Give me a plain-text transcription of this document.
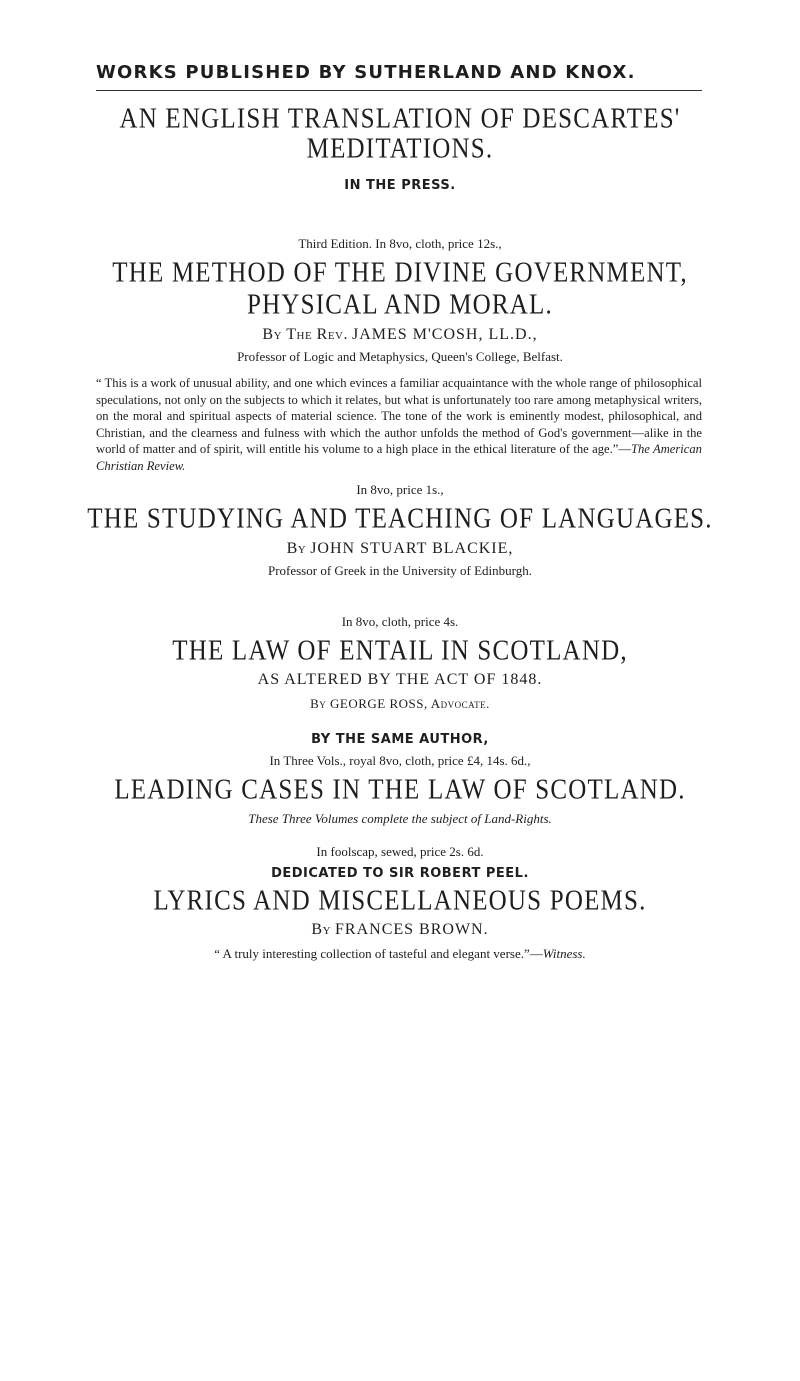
WORKS PUBLISHED BY SUTHERLAND AND KNOX.
AN ENGLISH TRANSLATION OF DESCARTES'
MEDITATIONS.
IN THE PRESS.
Third Edition. In 8vo, cloth, price 12s.,
THE METHOD OF THE DIVINE GOVERNMENT,
PHYSICAL AND MORAL.
By The Rev. JAMES M'COSH, LL.D.,
Professor of Logic and Metaphysics, Queen's College, Belfast.
“ This is a work of unusual ability, and one which evinces a familiar acquaintance with the whole range of philosophical speculations, not only on the subjects to which it relates, but what is unfortunately too rare among metaphysical writers, on the moral and spiritual aspects of material science. The tone of the work is eminently modest, philosophical, and Christian, and the clearness and fulness with which the author unfolds the method of God's government—alike in the world of matter and of spirit, will entitle his volume to a high place in the ethical literature of the age.”—The American Christian Review.
In 8vo, price 1s.,
THE STUDYING AND TEACHING OF LANGUAGES.
By JOHN STUART BLACKIE,
Professor of Greek in the University of Edinburgh.
In 8vo, cloth, price 4s.
THE LAW OF ENTAIL IN SCOTLAND,
AS ALTERED BY THE ACT OF 1848.
By GEORGE ROSS, Advocate.
BY THE SAME AUTHOR,
In Three Vols., royal 8vo, cloth, price £4, 14s. 6d.,
LEADING CASES IN THE LAW OF SCOTLAND.
These Three Volumes complete the subject of Land-Rights.
In foolscap, sewed, price 2s. 6d.
DEDICATED TO SIR ROBERT PEEL.
LYRICS AND MISCELLANEOUS POEMS.
By FRANCES BROWN.
“ A truly interesting collection of tasteful and elegant verse.”—Witness.
